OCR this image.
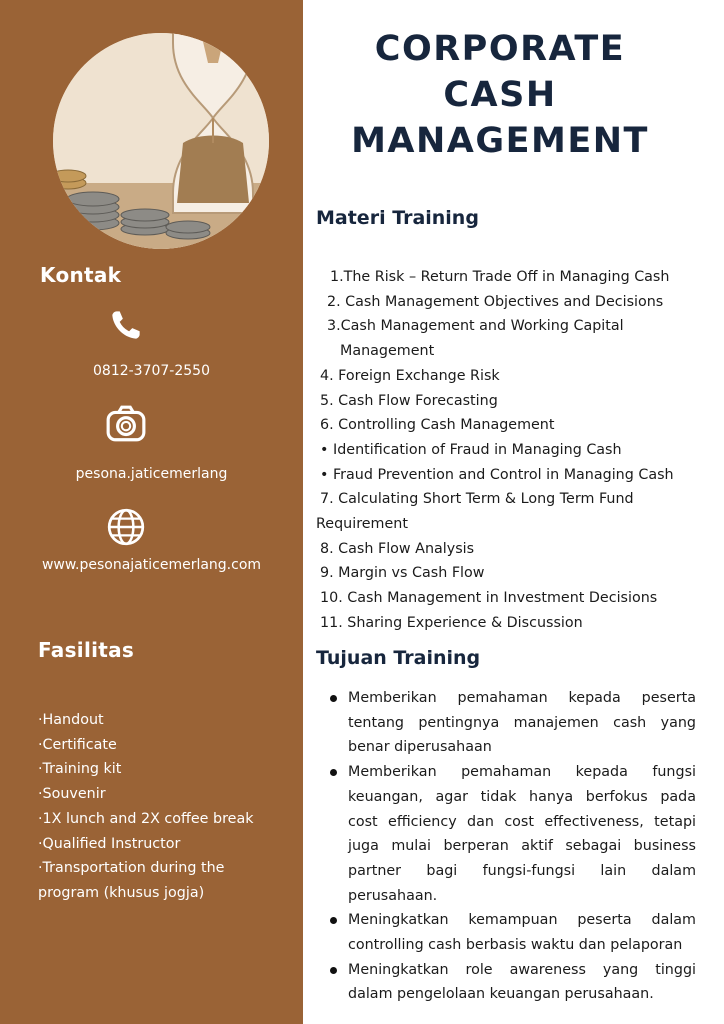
Kontak
0812-3707-2550
pesona.jaticemerlang
www.pesonajaticemerlang.com
Fasilitas
·Handout
·Certificate
·Training kit
·Souvenir
·1X lunch and 2X coffee break
·Qualified Instructor
·Transportation during the
program (khusus jogja)
CORPORATE
CASH
MANAGEMENT
Materi Training
1.The Risk – Return Trade Off in Managing Cash
2. Cash Management Objectives and Decisions
3.Cash Management and Working Capital
Management
4. Foreign Exchange Risk
5. Cash Flow Forecasting
6. Controlling Cash Management
• Identification of Fraud in Managing Cash
• Fraud Prevention and Control in Managing Cash
7. Calculating Short Term & Long Term Fund
Requirement
8. Cash Flow Analysis
9. Margin vs Cash Flow
10. Cash Management in Investment Decisions
11. Sharing Experience & Discussion
Tujuan Training
Memberikan pemahaman kepada peserta
tentang pentingnya manajemen cash yang
benar diperusahaan
Memberikan pemahaman kepada fungsi
keuangan, agar tidak hanya berfokus pada
cost efficiency dan cost effectiveness, tetapi
juga mulai berperan aktif sebagai business
partner bagi fungsi-fungsi lain dalam
perusahaan.
Meningkatkan kemampuan peserta dalam
controlling cash berbasis waktu dan pelaporan
Meningkatkan role awareness yang tinggi
dalam pengelolaan keuangan perusahaan.
